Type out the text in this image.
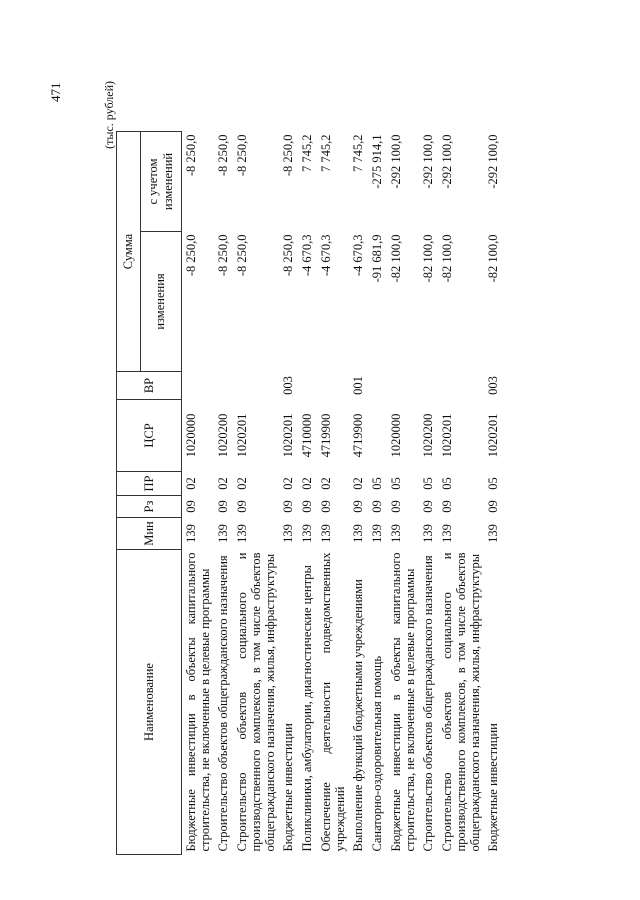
471	(тыс. рублей)
Наименование	Мин	Рз	ПР	ЦСР	ВР	Сумма	
						изменения	с учетом изменений
Бюджетные инвестиции в объекты капитального строительства, не включенные в целевые программы	139	09	02	1020000		-8 250,0	-8 250,0
Строительство объектов общегражданского назначения	139	09	02	1020200		-8 250,0	-8 250,0
Строительство объектов социального и производственного комплексов, в том числе объектов общегражданского назначения, жилья, инфраструктуры	139	09	02	1020201		-8 250,0	-8 250,0
Бюджетные инвестиции	139	09	02	1020201	003	-8 250,0	-8 250,0
Поликлиники, амбулатории, диагностические центры	139	09	02	4710000		-4 670,3	7 745,2
Обеспечение деятельности подведомственных учреждений	139	09	02	4719900		-4 670,3	7 745,2
Выполнение функций бюджетными учреждениями	139	09	02	4719900	001	-4 670,3	7 745,2
Санаторно-оздоровительная помощь	139	09	05			-91 681,9	-275 914,1
Бюджетные инвестиции в объекты капитального строительства, не включенные в целевые программы	139	09	05	1020000		-82 100,0	-292 100,0
Строительство объектов общегражданского назначения	139	09	05	1020200		-82 100,0	-292 100,0
Строительство объектов социального и производственного комплексов, в том числе объектов общегражданского назначения, жилья, инфраструктуры	139	09	05	1020201		-82 100,0	-292 100,0
Бюджетные инвестиции	139	09	05	1020201	003	-82 100,0	-292 100,0
